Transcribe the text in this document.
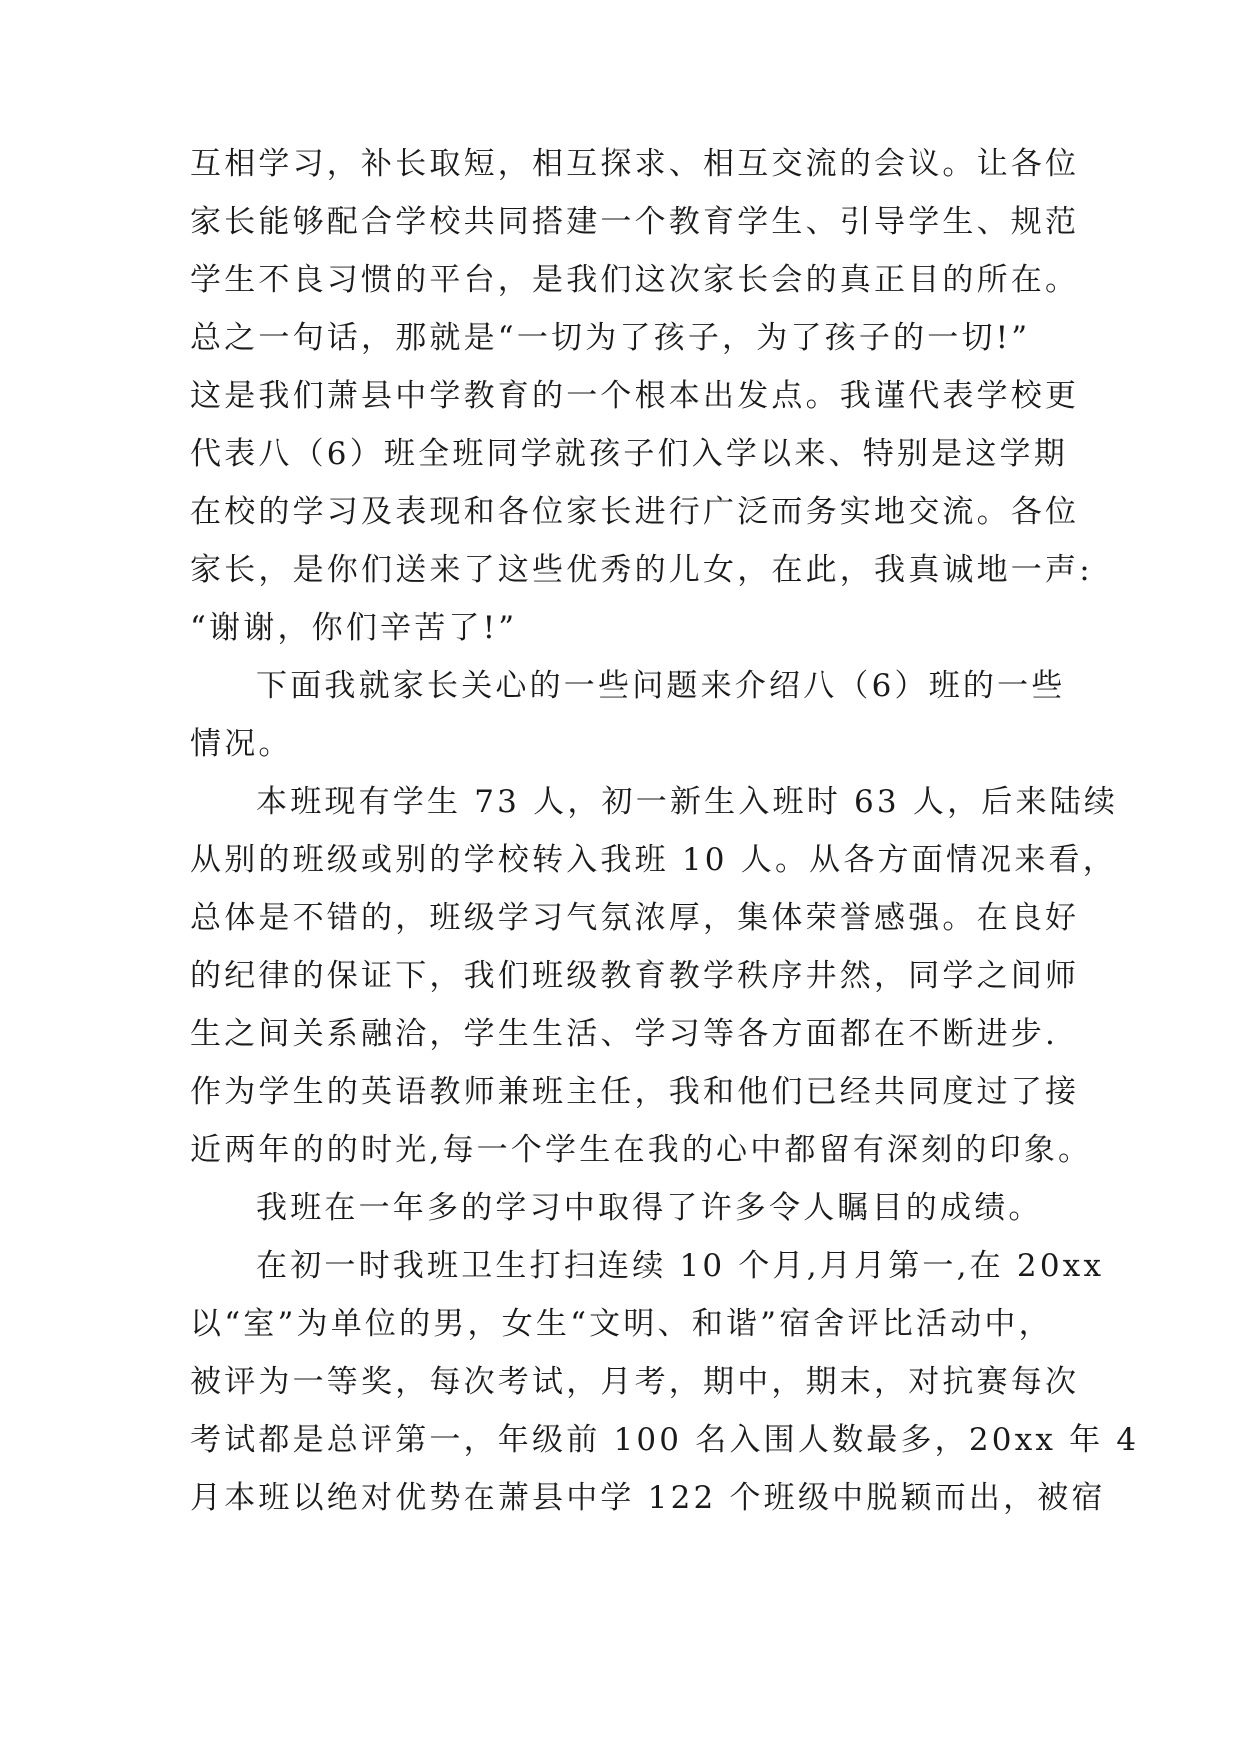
互相学习，补长取短，相互探求、相互交流的会议。让各位
家长能够配合学校共同搭建一个教育学生、引导学生、规范
学生不良习惯的平台，是我们这次家长会的真正目的所在。
总之一句话，那就是“一切为了孩子，为了孩子的一切!”
这是我们萧县中学教育的一个根本出发点。我谨代表学校更
代表八（6）班全班同学就孩子们入学以来、特别是这学期
在校的学习及表现和各位家长进行广泛而务实地交流。各位
家长，是你们送来了这些优秀的儿女，在此，我真诚地一声:
“谢谢，你们辛苦了!”
下面我就家长关心的一些问题来介绍八（6）班的一些
情况。
本班现有学生 73 人，初一新生入班时 63 人，后来陆续
从别的班级或别的学校转入我班 10 人。从各方面情况来看，
总体是不错的，班级学习气氛浓厚，集体荣誉感强。在良好
的纪律的保证下，我们班级教育教学秩序井然，同学之间师
生之间关系融洽，学生生活、学习等各方面都在不断进步.
作为学生的英语教师兼班主任，我和他们已经共同度过了接
近两年的的时光,每一个学生在我的心中都留有深刻的印象。
我班在一年多的学习中取得了许多令人瞩目的成绩。
在初一时我班卫生打扫连续 10 个月,月月第一,在 20xx
以“室”为单位的男，女生“文明、和谐”宿舍评比活动中，
被评为一等奖，每次考试，月考，期中，期末，对抗赛每次
考试都是总评第一，年级前 100 名入围人数最多，20xx 年 4
月本班以绝对优势在萧县中学 122 个班级中脱颖而出，被宿
